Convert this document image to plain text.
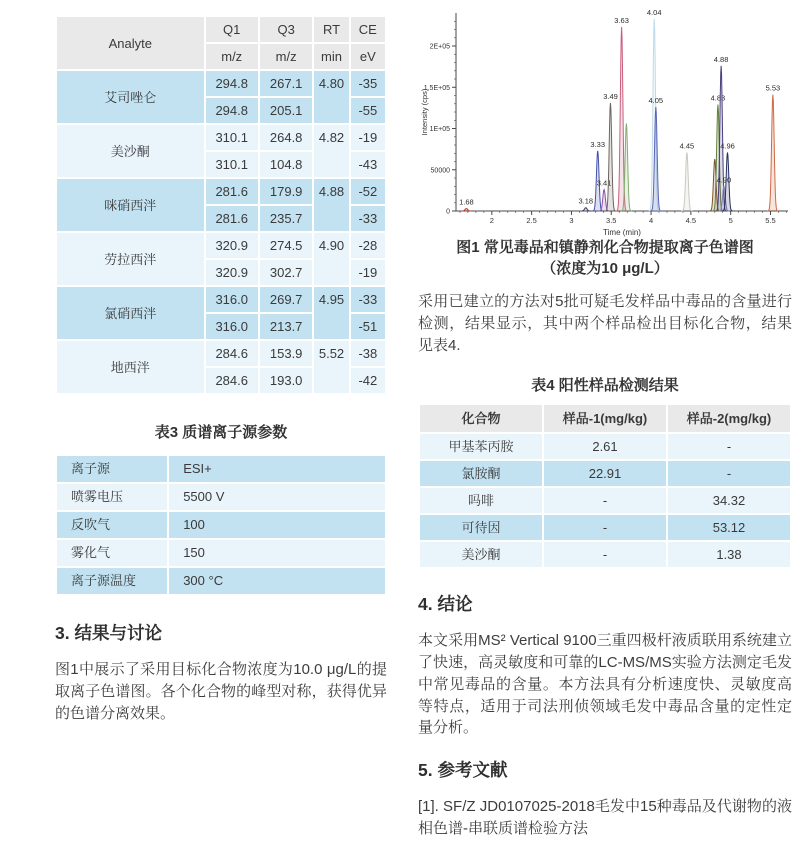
Analyte	Q1	Q3	RT	CE
	m/z	m/z	min	eV
艾司唑仑	294.8	267.1	4.80	-35
	294.8	205.1		-55
美沙酮	310.1	264.8	4.82	-19
	310.1	104.8		-43
咪硝西泮	281.6	179.9	4.88	-52
	281.6	235.7		-33
劳拉西泮	320.9	274.5	4.90	-28
	320.9	302.7		-19
氯硝西泮	316.0	269.7	4.95	-33
	316.0	213.7		-51
地西泮	284.6	153.9	5.52	-38
	284.6	193.0		-42
表3 质谱离子源参数
离子源	ESI+
喷雾电压	5500 V
反吹气	100
雾化气	150
离子源温度	300 °C
3. 结果与讨论
图1中展示了采用目标化合物浓度为10.0 μg/L的提取离子色谱图。各个化合物的峰型对称，获得优异的色谱分离效果。
2	2.5	3	3.5	4	4.5	5	5.5
0
50000
1E+05
1.5E+05
2E+05
Time (min)
Intensity (cps)
1.68	3.18
3.33
3.41
3.49
3.63
4.04
4.05
4.45
4.83
4.88
4.90
4.96
5.53
图1 常见毒品和镇静剂化合物提取离子色谱图
（浓度为10 μg/L）
采用已建立的方法对5批可疑毛发样品中毒品的含量进行检测，结果显示，其中两个样品检出目标化合物，结果见表4.
表4 阳性样品检测结果
化合物	样品-1(mg/kg)	样品-2(mg/kg)
甲基苯丙胺	2.61	-
氯胺酮	22.91	-
吗啡	-	34.32
可待因	-	53.12
美沙酮	-	1.38
4. 结论
本文采用MS² Vertical 9100三重四极杆液质联用系统建立了快速，高灵敏度和可靠的LC-MS/MS实验方法测定毛发中常见毒品的含量。本方法具有分析速度快、灵敏度高等特点，适用于司法刑侦领域毛发中毒品含量的定性定量分析。
5. 参考文献
[1]. SF/Z JD0107025-2018毛发中15种毒品及代谢物的液相色谱-串联质谱检验方法
